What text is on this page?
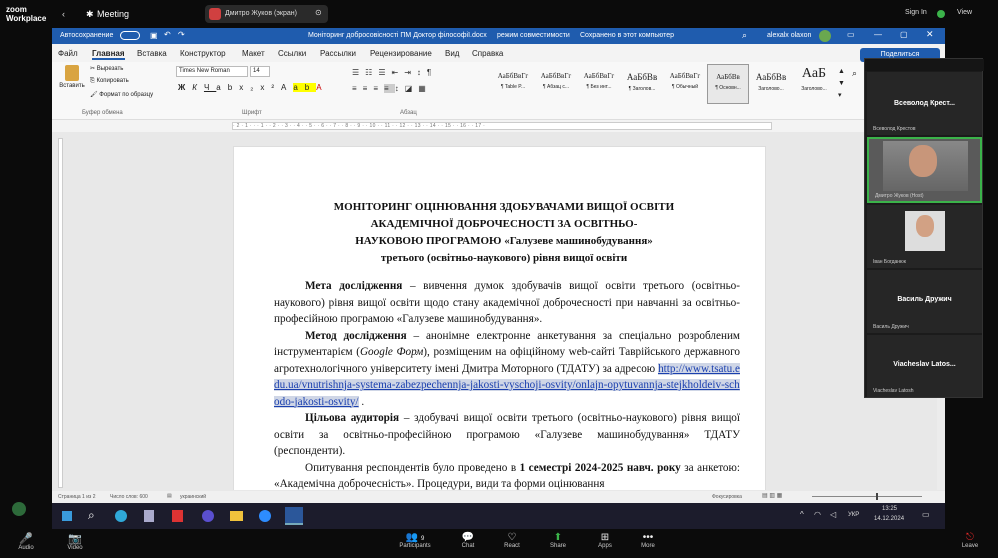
zoom Workplace	‹ ✱ Meeting	Дмитро Жуков (экран) ⊙	Sign In	View
Автосохранение	▣ ↶ ↷	Моніторинг добросовісності ПМ Доктор філософії.docx режим совместимости Сохранено в этот компьютер	⌕	alexalx olaxon	▭ — ▢ ✕
Файл Главная Вставка Конструктор Макет Ссылки Рассылки Рецензирование Вид Справка	Поделиться
Вставить
✂ Вырезать
⎘ Копировать
🖌 Формат по образцу
Буфер обмена
Times New Roman	14
ЖКЧabx₂x²AabA
Шрифт
☰☷☰⇤⇥↕¶
≡≡≡≡↕◪▦
Абзац
АаБбВвГг
¶ Table P...
АаБбВвГг
¶ Абзац с...
АаБбВвГг
¶ Без инт...
АаБбВв
¶ Заголов...
АаБбВвГг
¶ Обычный
АаБбВв
¶ Основн...
АаБбВв
Заголово...
АаБ
Заголово...
▲
▼
▾
⌕
· 2 · 1 · · · 1 · · 2 · · 3 · · 4 · · 5 · · 6 · · 7 · · 8 · · 9 · · 10 · · 11 · · 12 · · 13 · · 14 · · 15 · · 16 · · 17 ·
МОНІТОРИНГ ОЦІНЮВАННЯ ЗДОБУВАЧАМИ ВИЩОЇ ОСВІТИ
АКАДЕМІЧНОЇ ДОБРОЧЕСНОСТІ ЗА ОСВІТНЬО-
НАУКОВОЮ ПРОГРАМОЮ «Галузеве машинобудування»
третього (освітньо-наукового) рівня вищої освіти

Мета дослідження – вивчення думок здобувачів вищої освіти третього (освітньо-наукового) рівня вищої освіти щодо стану академічної доброчесності при навчанні за освітньо-професійною програмою «Галузеве машинобудування».

Метод дослідження – анонімне електронне анкетування за спеціально розробленим інструментарієм (Google Форм), розміщеним на офіційному web-сайті Таврійського державного агротехнологічного університету імені Дмитра Моторного (ТДАТУ) за адресою http://www.tsatu.edu.ua/vnutrishnja-systema-zabezpechennja-jakosti-vyschoji-osvity/onlajn-opytuvannja-stejkholdeiv-schodo-jakosti-osvity/ .

Цільова аудиторія – здобувачі вищої освіти третього (освітньо-наукового) рівня вищої освіти за освітньо-професійною програмою «Галузеве машинобудування» ТДАТУ (респонденти).

Опитування респондентів було проведено в 1 семестрі 2024-2025 навч. року за анкетою: «Академічна доброчесність». Процедури, види та форми оцінювання

Страница 1 из 2	Число слов: 600	▤ украинский	Фокусировка	▤ ▥ ▦
Всеволод Крест...
Всеволод Крестов
Дмитро Жуков (Host)
Іван Богданюк
Василь Дружич
Василь Дружич
Viacheslav Latos...
Viacheslav Latosh
⌕	^ ◠ ◁ УКР
13:25
14.12.2024 ▭
🎤
Audio
📷
Video
👥 9
Participants
💬
Chat
♡
React
⬆
Share
⊞
Apps
•••
More
⎋
Leave
